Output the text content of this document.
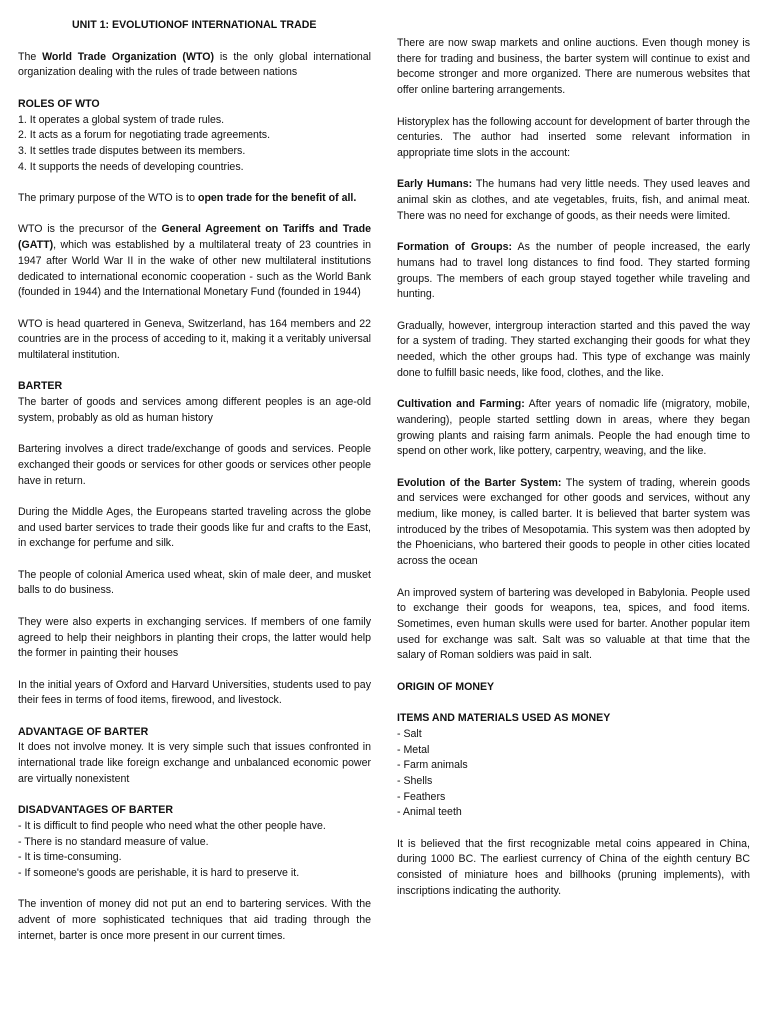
UNIT 1: EVOLUTIONOF INTERNATIONAL TRADE

The World Trade Organization (WTO) is the only global international organization dealing with the rules of trade between nations

ROLES OF WTO
1. It operates a global system of trade rules.
2. It acts as a forum for negotiating trade agreements.
3. It settles trade disputes between its members.
4. It supports the needs of developing countries.

The primary purpose of the WTO is to open trade for the benefit of all.

WTO is the precursor of the General Agreement on Tariffs and Trade (GATT), which was established by a multilateral treaty of 23 countries in 1947 after World War II in the wake of other new multilateral institutions dedicated to international economic cooperation - such as the World Bank (founded in 1944) and the International Monetary Fund (founded in 1944)

WTO is head quartered in Geneva, Switzerland, has 164 members and 22 countries are in the process of acceding to it, making it a veritably universal multilateral institution.

BARTER

The barter of goods and services among different peoples is an age-old system, probably as old as human history

Bartering involves a direct trade/exchange of goods and services. People exchanged their goods or services for other goods or services other people have in return.

During the Middle Ages, the Europeans started traveling across the globe and used barter services to trade their goods like fur and crafts to the East, in exchange for perfume and silk.

The people of colonial America used wheat, skin of male deer, and musket balls to do business.

They were also experts in exchanging services. If members of one family agreed to help their neighbors in planting their crops, the latter would help the former in painting their houses

In the initial years of Oxford and Harvard Universities, students used to pay their fees in terms of food items, firewood, and livestock.

ADVANTAGE OF BARTER

It does not involve money. It is very simple such that issues confronted in international trade like foreign exchange and unbalanced economic power are virtually nonexistent

DISADVANTAGES OF BARTER
- It is difficult to find people who need what the other people have.
- There is no standard measure of value.
- It is time-consuming.
- If someone's goods are perishable, it is hard to preserve it.

The invention of money did not put an end to bartering services. With the advent of more sophisticated techniques that aid trading through the internet, barter is once more present in our current times.

There are now swap markets and online auctions. Even though money is there for trading and business, the barter system will continue to exist and become stronger and more organized. There are numerous websites that offer online bartering arrangements.

Historyplex has the following account for development of barter through the centuries. The author had inserted some relevant information in appropriate time slots in the account:

Early Humans: The humans had very little needs. They used leaves and animal skin as clothes, and ate vegetables, fruits, fish, and animal meat. There was no need for exchange of goods, as their needs were limited.

Formation of Groups: As the number of people increased, the early humans had to travel long distances to find food. They started forming groups. The members of each group stayed together while traveling and hunting.

Gradually, however, intergroup interaction started and this paved the way for a system of trading. They started exchanging their goods for what they needed, which the other groups had. This type of exchange was mainly done to fulfill basic needs, like food, clothes, and the like.

Cultivation and Farming: After years of nomadic life (migratory, mobile, wandering), people started settling down in areas, where they began growing plants and raising farm animals. People the had enough time to spend on other work, like pottery, carpentry, weaving, and the like.

Evolution of the Barter System: The system of trading, wherein goods and services were exchanged for other goods and services, without any medium, like money, is called barter. It is believed that barter system was introduced by the tribes of Mesopotamia. This system was then adopted by the Phoenicians, who bartered their goods to people in other cities located across the ocean

An improved system of bartering was developed in Babylonia. People used to exchange their goods for weapons, tea, spices, and food items. Sometimes, even human skulls were used for barter. Another popular item used for exchange was salt. Salt was so valuable at that time that the salary of Roman soldiers was paid in salt.

ORIGIN OF MONEY
ITEMS AND MATERIALS USED AS MONEY
- Salt
- Metal
- Farm animals
- Shells
- Feathers
- Animal teeth

It is believed that the first recognizable metal coins appeared in China, during 1000 BC. The earliest currency of China of the eighth century BC consisted of miniature hoes and billhooks (pruning implements), with inscriptions indicating the authority.
